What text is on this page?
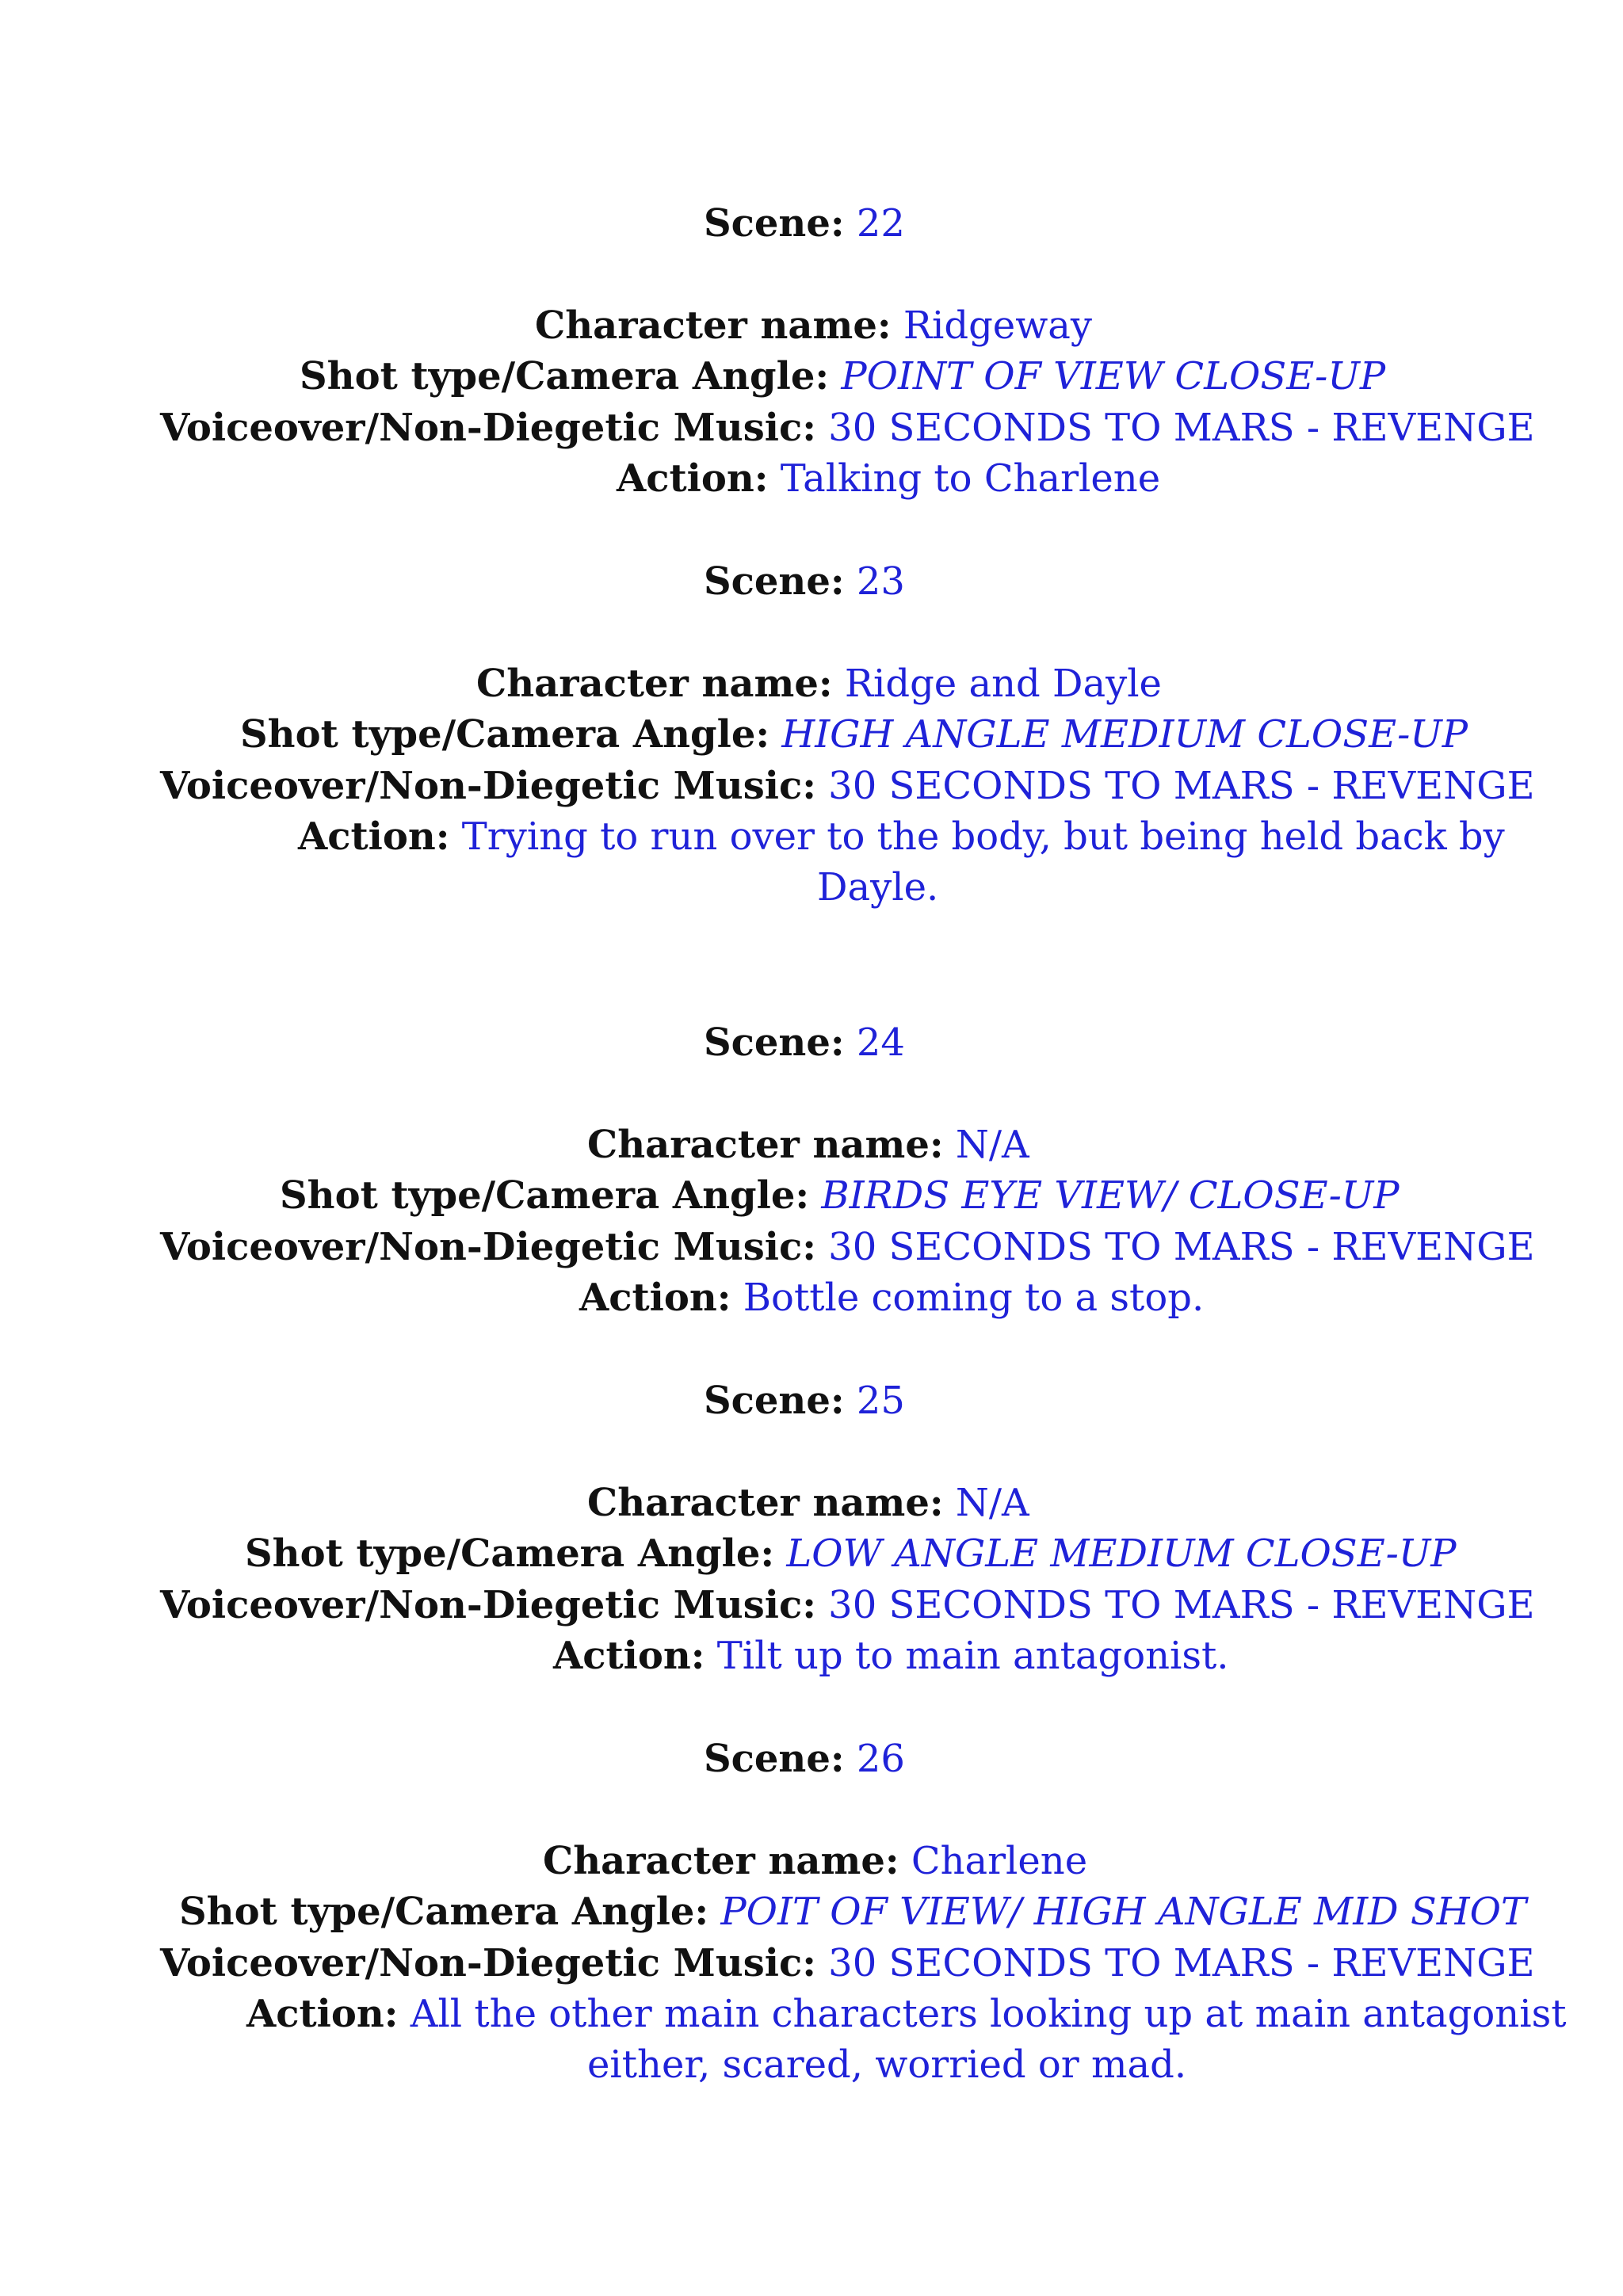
Scene: 22
Character name: Ridgeway
Shot type/Camera Angle: POINT OF VIEW CLOSE-UP
Voiceover/Non-Diegetic Music: 30 SECONDS TO MARS - REVENGE
Action: Talking to Charlene
Scene: 23
Character name: Ridge and Dayle
Shot type/Camera Angle: HIGH ANGLE MEDIUM CLOSE-UP
Voiceover/Non-Diegetic Music: 30 SECONDS TO MARS - REVENGE
Action: Trying to run over to the body, but being held back by
Dayle.
Scene: 24
Character name: N/A
Shot type/Camera Angle: BIRDS EYE VIEW/ CLOSE-UP
Voiceover/Non-Diegetic Music: 30 SECONDS TO MARS - REVENGE
Action: Bottle coming to a stop.
Scene: 25
Character name: N/A
Shot type/Camera Angle: LOW ANGLE MEDIUM CLOSE-UP
Voiceover/Non-Diegetic Music: 30 SECONDS TO MARS - REVENGE
Action: Tilt up to main antagonist.
Scene: 26
Character name: Charlene
Shot type/Camera Angle: POIT OF VIEW/ HIGH ANGLE MID SHOT
Voiceover/Non-Diegetic Music: 30 SECONDS TO MARS - REVENGE
Action: All the other main characters looking up at main antagonist
either, scared, worried or mad.
